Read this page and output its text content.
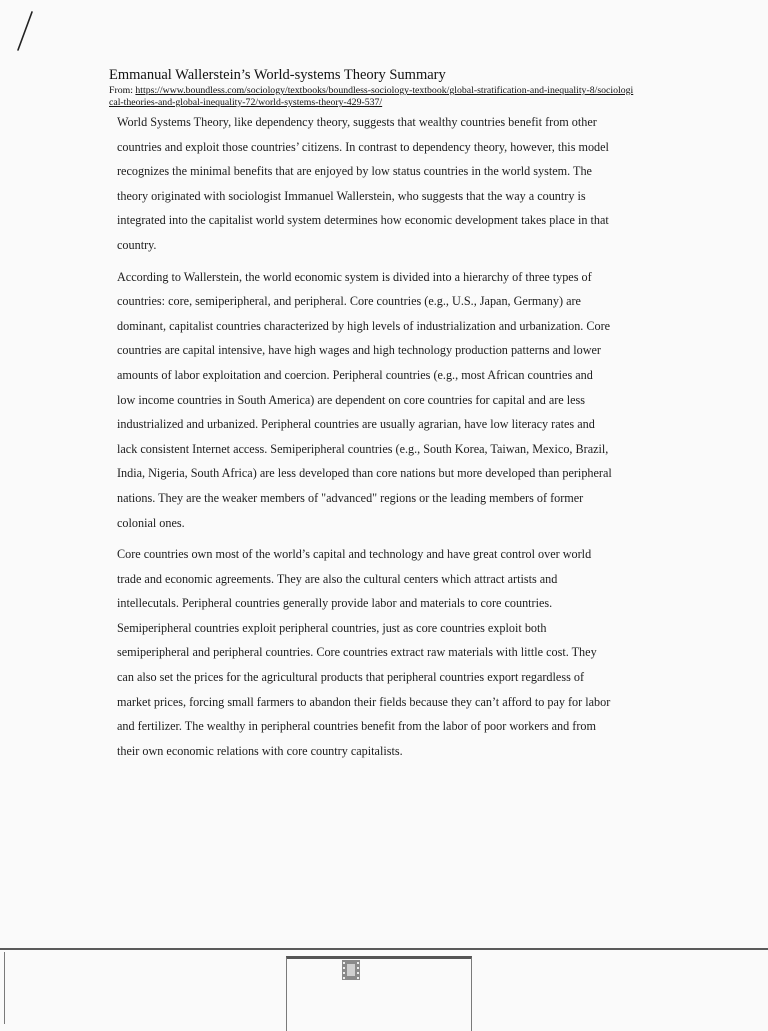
Emmanual Wallerstein’s World-systems Theory Summary
From: https://www.boundless.com/sociology/textbooks/boundless-sociology-textbook/global-stratification-and-inequality-8/sociological-theories-and-global-inequality-72/world-systems-theory-429-537/

World Systems Theory, like dependency theory, suggests that wealthy countries benefit from other countries and exploit those countries’ citizens. In contrast to dependency theory, however, this model recognizes the minimal benefits that are enjoyed by low status countries in the world system. The theory originated with sociologist Immanuel Wallerstein, who suggests that the way a country is integrated into the capitalist world system determines how economic development takes place in that country.

According to Wallerstein, the world economic system is divided into a hierarchy of three types of countries: core, semiperipheral, and peripheral. Core countries (e.g., U.S., Japan, Germany) are dominant, capitalist countries characterized by high levels of industrialization and urbanization. Core countries are capital intensive, have high wages and high technology production patterns and lower amounts of labor exploitation and coercion. Peripheral countries (e.g., most African countries and low income countries in South America) are dependent on core countries for capital and are less industrialized and urbanized. Peripheral countries are usually agrarian, have low literacy rates and lack consistent Internet access. Semiperipheral countries (e.g., South Korea, Taiwan, Mexico, Brazil, India, Nigeria, South Africa) are less developed than core nations but more developed than peripheral nations. They are the weaker members of "advanced" regions or the leading members of former colonial ones.

Core countries own most of the world’s capital and technology and have great control over world trade and economic agreements. They are also the cultural centers which attract artists and intellecutals. Peripheral countries generally provide labor and materials to core countries. Semiperipheral countries exploit peripheral countries, just as core countries exploit both semiperipheral and peripheral countries. Core countries extract raw materials with little cost. They can also set the prices for the agricultural products that peripheral countries export regardless of market prices, forcing small farmers to abandon their fields because they can’t afford to pay for labor and fertilizer. The wealthy in peripheral countries benefit from the labor of poor workers and from their own economic relations with core country capitalists.
